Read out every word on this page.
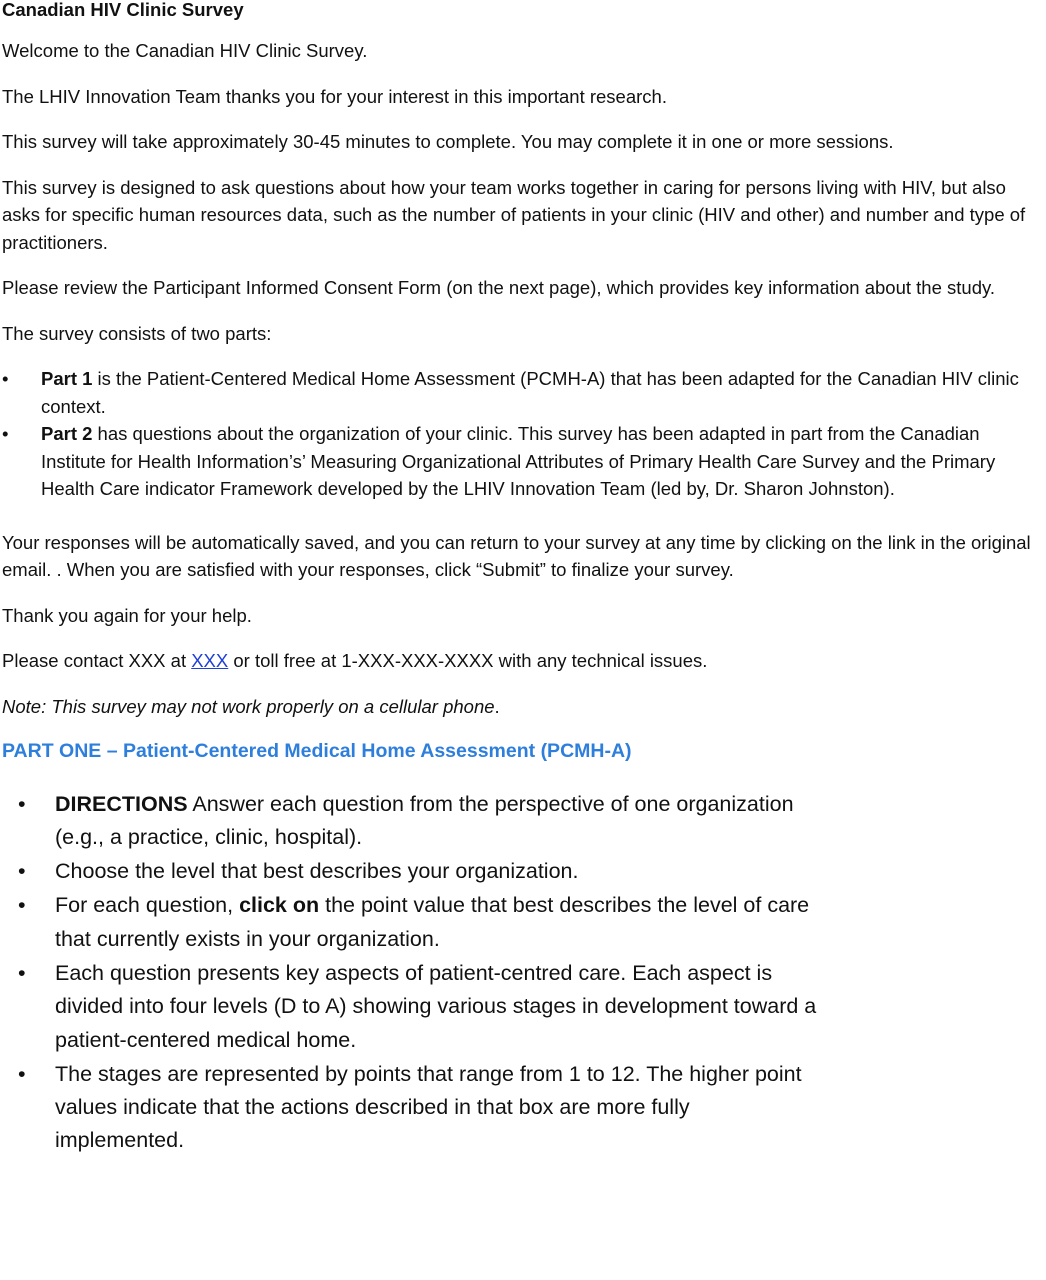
Canadian HIV Clinic Survey

Welcome to the Canadian HIV Clinic Survey.

The LHIV Innovation Team thanks you for your interest in this important research.

This survey will take approximately 30-45 minutes to complete. You may complete it in one or more sessions.

This survey is designed to ask questions about how your team works together in caring for persons living with HIV, but also asks for specific human resources data, such as the number of patients in your clinic (HIV and other) and number and type of practitioners.

Please review the Participant Informed Consent Form (on the next page), which provides key information about the study.

The survey consists of two parts:

• Part 1 is the Patient-Centered Medical Home Assessment (PCMH-A) that has been adapted for the Canadian HIV clinic context.
• Part 2 has questions about the organization of your clinic. This survey has been adapted in part from the Canadian Institute for Health Information’s’ Measuring Organizational Attributes of Primary Health Care Survey and the Primary Health Care indicator Framework developed by the LHIV Innovation Team (led by, Dr. Sharon Johnston).

Your responses will be automatically saved, and you can return to your survey at any time by clicking on the link in the original email. . When you are satisfied with your responses, click “Submit” to finalize your survey.

Thank you again for your help.

Please contact XXX at XXX or toll free at 1-XXX-XXX-XXXX with any technical issues.

Note: This survey may not work properly on a cellular phone.

PART ONE – Patient-Centered Medical Home Assessment (PCMH-A)
• DIRECTIONS Answer each question from the perspective of one organization (e.g., a practice, clinic, hospital).
• Choose the level that best describes your organization.
• For each question, click on the point value that best describes the level of care that currently exists in your organization.
• Each question presents key aspects of patient-centred care. Each aspect is divided into four levels (D to A) showing various stages in development toward a patient-centered medical home.
• The stages are represented by points that range from 1 to 12. The higher point values indicate that the actions described in that box are more fully implemented.
